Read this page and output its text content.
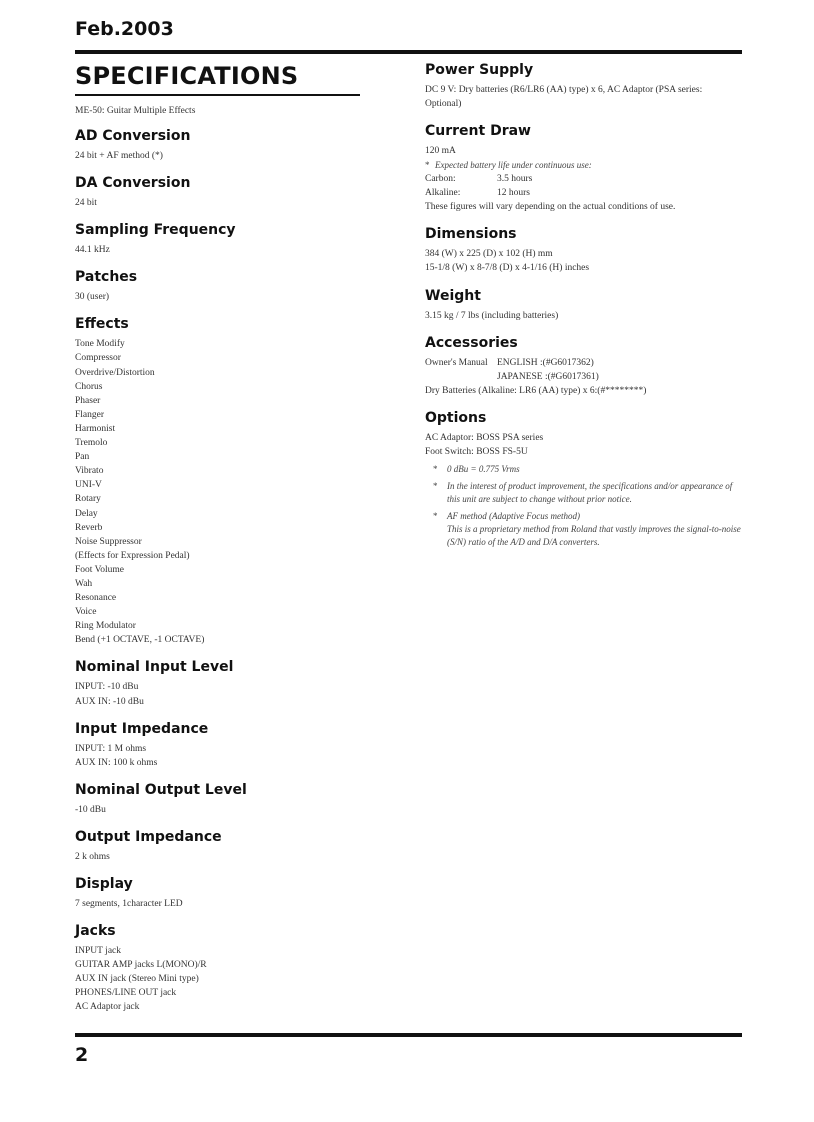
Feb.2003
SPECIFICATIONS
ME-50: Guitar Multiple Effects
AD Conversion
24 bit + AF method (*)
DA Conversion
24 bit
Sampling Frequency
44.1 kHz
Patches
30 (user)
Effects
Tone Modify
Compressor
Overdrive/Distortion
Chorus
Phaser
Flanger
Harmonist
Tremolo
Pan
Vibrato
UNI-V
Rotary
Delay
Reverb
Noise Suppressor
(Effects for Expression Pedal)
Foot Volume
Wah
Resonance
Voice
Ring Modulator
Bend (+1 OCTAVE, -1 OCTAVE)
Nominal Input Level
INPUT: -10 dBu
AUX IN: -10 dBu
Input Impedance
INPUT: 1 M ohms
AUX IN: 100 k ohms
Nominal Output Level
-10 dBu
Output Impedance
2 k ohms
Display
7 segments, 1character LED
Jacks
INPUT jack
GUITAR AMP jacks L(MONO)/R
AUX IN jack (Stereo Mini type)
PHONES/LINE OUT jack
AC Adaptor jack
Power Supply
DC 9 V: Dry batteries (R6/LR6 (AA) type) x 6, AC Adaptor (PSA series:
Optional)
Current Draw
120 mA
* Expected battery life under continuous use:
Carbon:	3.5 hours
Alkaline:	12 hours
These figures will vary depending on the actual conditions of use.
Dimensions
384 (W) x 225 (D) x 102 (H) mm
15-1/8 (W) x 8-7/8 (D) x 4-1/16 (H) inches
Weight
3.15 kg / 7 lbs (including batteries)
Accessories
Owner's Manual ENGLISH :(#G6017362)
JAPANESE :(#G6017361)
Dry Batteries (Alkaline: LR6 (AA) type) x 6:(#********)
Options
AC Adaptor: BOSS PSA series
Foot Switch: BOSS FS-5U
* 0 dBu = 0.775 Vrms
* In the interest of product improvement, the specifications and/or appearance of this unit are subject to change without prior notice.
* AF method (Adaptive Focus method)
This is a proprietary method from Roland that vastly improves the signal-to-noise (S/N) ratio of the A/D and D/A converters.
2
